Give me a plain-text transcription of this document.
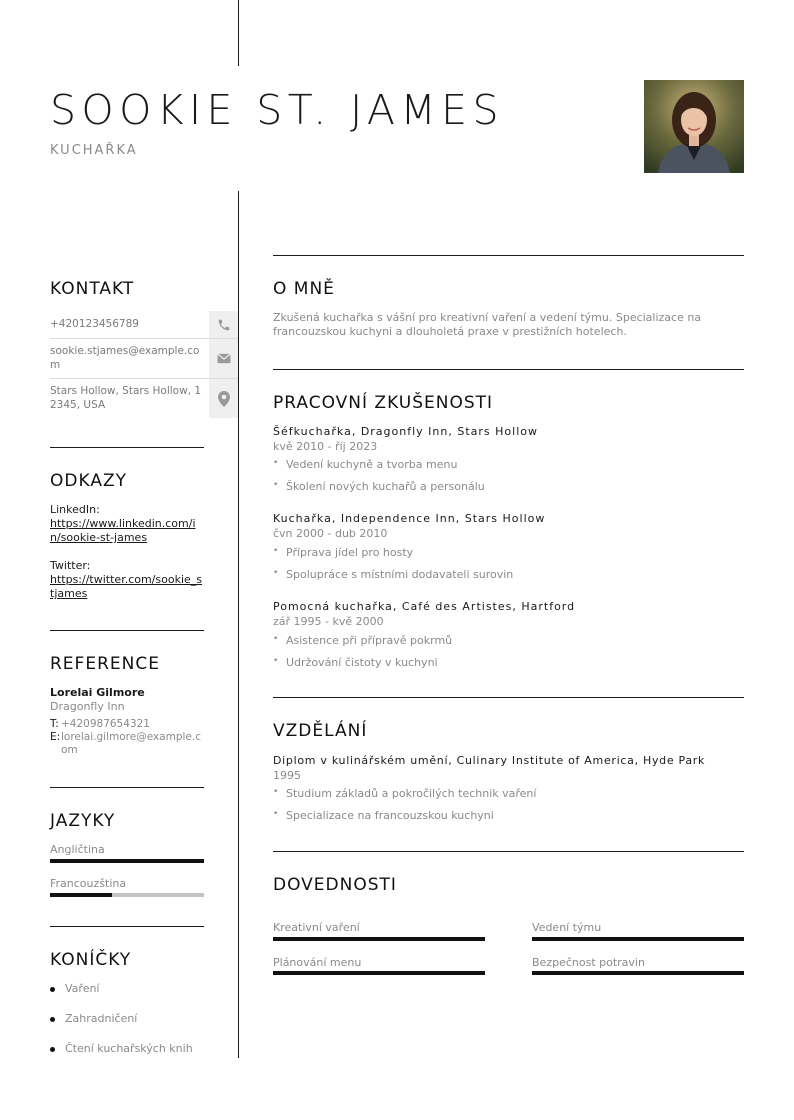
SOOKIE ST. JAMES
KUCHAŘKA
KONTAKT
+420123456789
sookie.stjames@example.com
Stars Hollow, Stars Hollow, 12345, USA
ODKAZY
LinkedIn:
https://www.linkedin.com/in/sookie-st-james
Twitter:
https://twitter.com/sookie_stjames
REFERENCE
Lorelai Gilmore
Dragonfly Inn
T: +420987654321
E: lorelai.gilmore@example.com
JAZYKY
Angličtina
Francouzština
KONÍČKY
Vaření
Zahradničení
Čtení kuchařských knih
O MNĚ
Zkušená kuchařka s vášní pro kreativní vaření a vedení týmu. Specializace na francouzskou kuchyni a dlouholetá praxe v prestižních hotelech.
PRACOVNÍ ZKUŠENOSTI
Šéfkuchařka, Dragonfly Inn, Stars Hollow
kvě 2010 - říj 2023
• Vedení kuchyně a tvorba menu
• Školení nových kuchařů a personálu
Kuchařka, Independence Inn, Stars Hollow
čvn 2000 - dub 2010
• Příprava jídel pro hosty
• Spolupráce s místními dodavateli surovin
Pomocná kuchařka, Café des Artistes, Hartford
zář 1995 - kvě 2000
• Asistence při přípravě pokrmů
• Udržování čistoty v kuchyni
VZDĚLÁNÍ
Diplom v kulinářském umění, Culinary Institute of America, Hyde Park
1995
• Studium základů a pokročilých technik vaření
• Specializace na francouzskou kuchyni
DOVEDNOSTI
Kreativní vaření	Vedení týmu
Plánování menu	Bezpečnost potravin
